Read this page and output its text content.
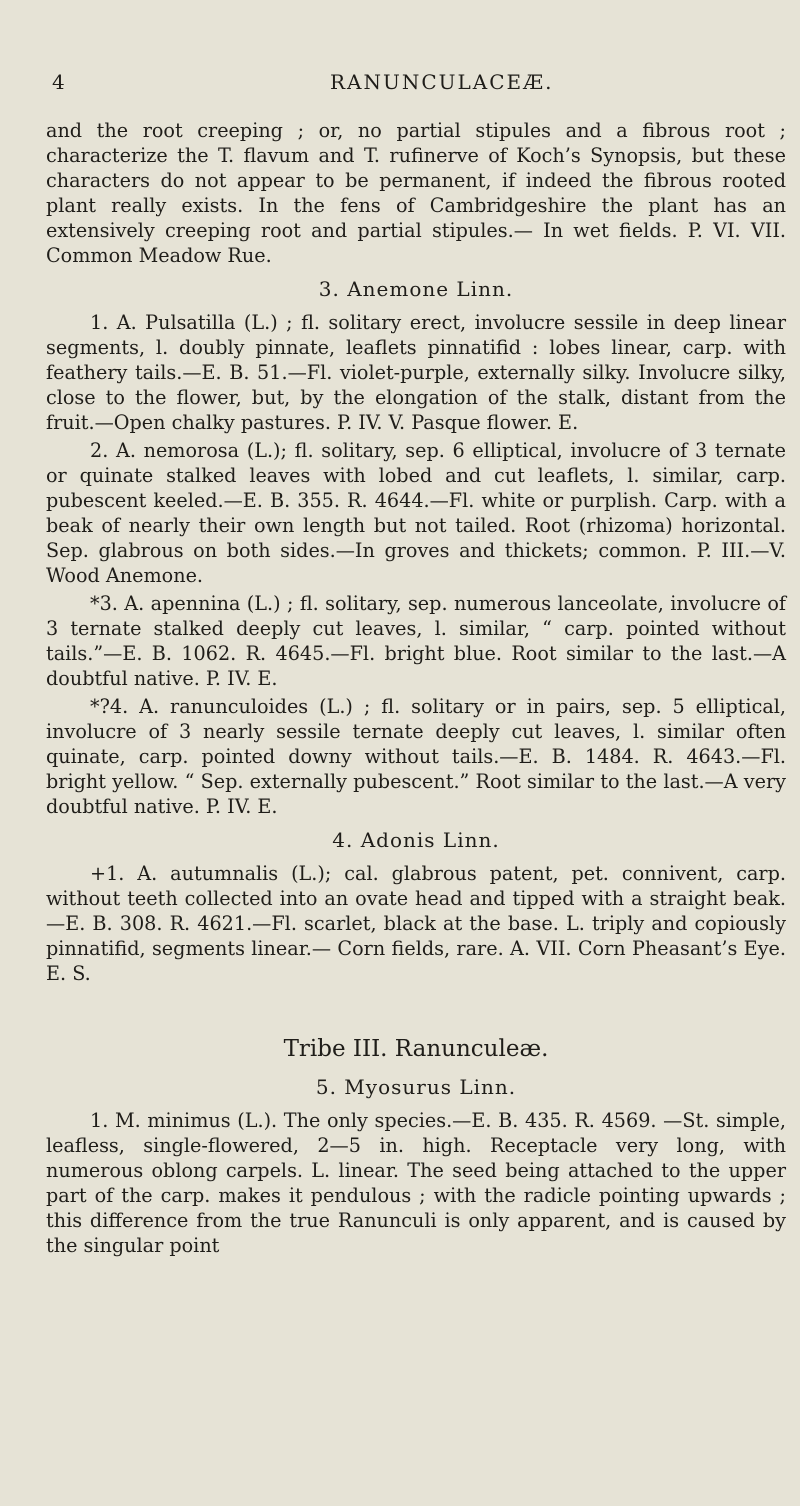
4	RANUNCULACEÆ.

and the root creeping ; or, no partial stipules and a fibrous root ; characterize the T. flavum and T. rufinerve of Koch’s Synopsis, but these characters do not appear to be permanent, if indeed the fibrous rooted plant really exists. In the fens of Cambridgeshire the plant has an extensively creeping root and partial stipules.— In wet fields. P. VI. VII. Common Meadow Rue.

3. Anemone Linn.

1. A. Pulsatilla (L.) ; fl. solitary erect, involucre sessile in deep linear segments, l. doubly pinnate, leaflets pinnatifid : lobes linear, carp. with feathery tails.—E. B. 51.—Fl. violet-purple, externally silky. Involucre silky, close to the flower, but, by the elongation of the stalk, distant from the fruit.—Open chalky pastures. P. IV. V. Pasque flower. E.

2. A. nemorosa (L.); fl. solitary, sep. 6 elliptical, involucre of 3 ternate or quinate stalked leaves with lobed and cut leaflets, l. similar, carp. pubescent keeled.—E. B. 355. R. 4644.—Fl. white or purplish. Carp. with a beak of nearly their own length but not tailed. Root (rhizoma) horizontal. Sep. glabrous on both sides.—In groves and thickets; common. P. III.—V. Wood Anemone.

*3. A. apennina (L.) ; fl. solitary, sep. numerous lanceolate, involucre of 3 ternate stalked deeply cut leaves, l. similar, “ carp. pointed without tails.”—E. B. 1062. R. 4645.—Fl. bright blue. Root similar to the last.—A doubtful native. P. IV. E.

*?4. A. ranunculoides (L.) ; fl. solitary or in pairs, sep. 5 elliptical, involucre of 3 nearly sessile ternate deeply cut leaves, l. similar often quinate, carp. pointed downy without tails.—E. B. 1484. R. 4643.—Fl. bright yellow. “ Sep. externally pubescent.” Root similar to the last.—A very doubtful native. P. IV. E.

4. Adonis Linn.

+1. A. autumnalis (L.); cal. glabrous patent, pet. connivent, carp. without teeth collected into an ovate head and tipped with a straight beak.—E. B. 308. R. 4621.—Fl. scarlet, black at the base. L. triply and copiously pinnatifid, segments linear.— Corn fields, rare. A. VII. Corn Pheasant’s Eye. E. S.

Tribe III. Ranunculeæ.
5. Myosurus Linn.

1. M. minimus (L.). The only species.—E. B. 435. R. 4569. —St. simple, leafless, single-flowered, 2—5 in. high. Receptacle very long, with numerous oblong carpels. L. linear. The seed being attached to the upper part of the carp. makes it pendulous ; with the radicle pointing upwards ; this difference from the true Ranunculi is only apparent, and is caused by the singular point
